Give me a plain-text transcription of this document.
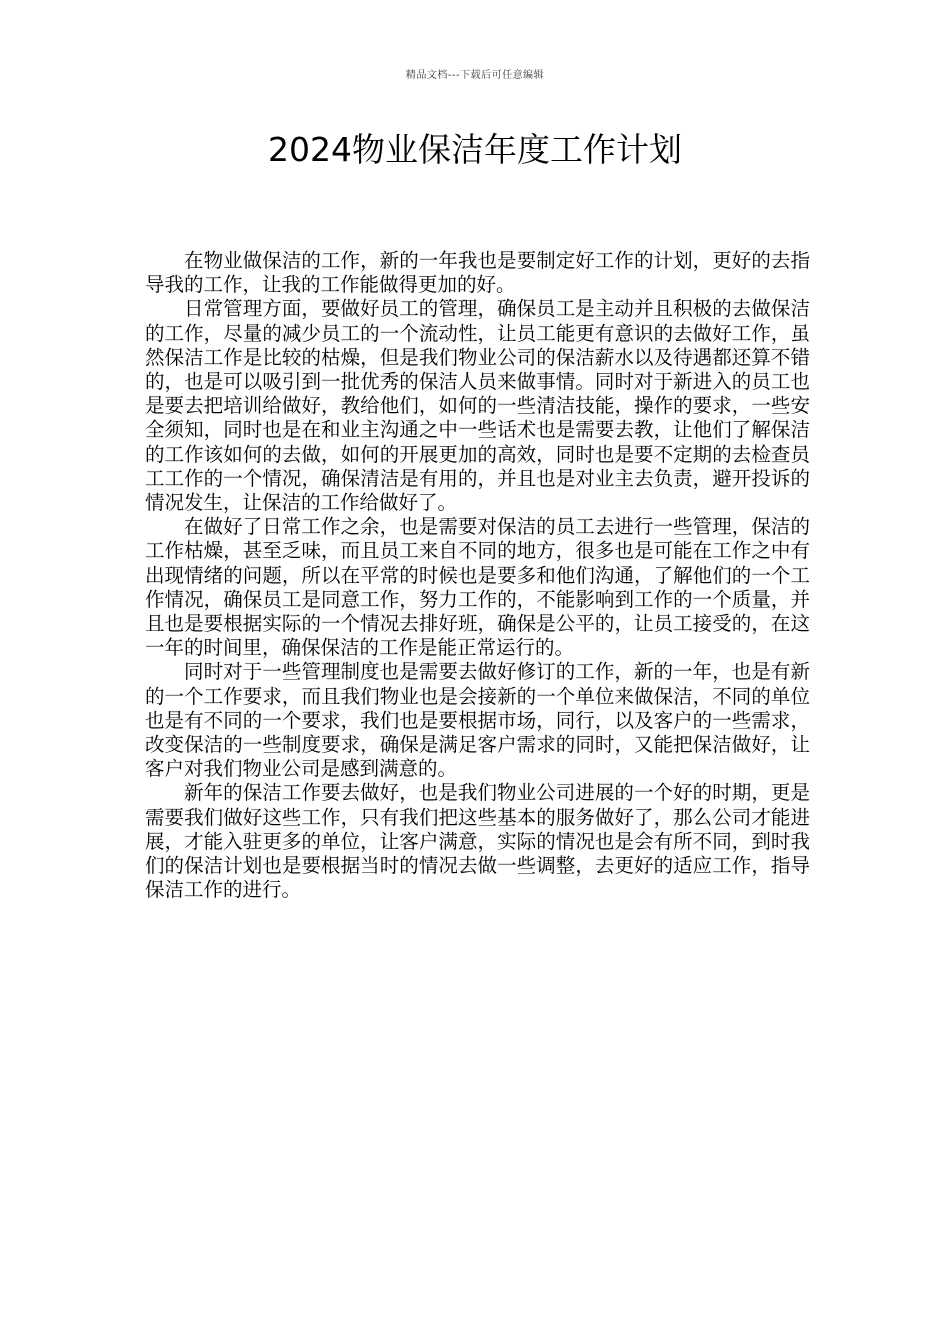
精品文档---下载后可任意编辑
2024物业保洁年度工作计划

在物业做保洁的工作，新的一年我也是要制定好工作的计划，更好的去指导我的工作，让我的工作能做得更加的好。

日常管理方面，要做好员工的管理，确保员工是主动并且积极的去做保洁的工作，尽量的减少员工的一个流动性，让员工能更有意识的去做好工作，虽然保洁工作是比较的枯燥，但是我们物业公司的保洁薪水以及待遇都还算不错的，也是可以吸引到一批优秀的保洁人员来做事情。同时对于新进入的员工也是要去把培训给做好，教给他们，如何的一些清洁技能，操作的要求，一些安全须知，同时也是在和业主沟通之中一些话术也是需要去教，让他们了解保洁的工作该如何的去做，如何的开展更加的高效，同时也是要不定期的去检查员工工作的一个情况，确保清洁是有用的，并且也是对业主去负责，避开投诉的情况发生，让保洁的工作给做好了。

在做好了日常工作之余，也是需要对保洁的员工去进行一些管理，保洁的工作枯燥，甚至乏味，而且员工来自不同的地方，很多也是可能在工作之中有出现情绪的问题，所以在平常的时候也是要多和他们沟通，了解他们的一个工作情况，确保员工是同意工作，努力工作的，不能影响到工作的一个质量，并且也是要根据实际的一个情况去排好班，确保是公平的，让员工接受的，在这一年的时间里，确保保洁的工作是能正常运行的。

同时对于一些管理制度也是需要去做好修订的工作，新的一年，也是有新的一个工作要求，而且我们物业也是会接新的一个单位来做保洁，不同的单位也是有不同的一个要求，我们也是要根据市场，同行，以及客户的一些需求，改变保洁的一些制度要求，确保是满足客户需求的同时，又能把保洁做好，让客户对我们物业公司是感到满意的。

新年的保洁工作要去做好，也是我们物业公司进展的一个好的时期，更是需要我们做好这些工作，只有我们把这些基本的服务做好了，那么公司才能进展，才能入驻更多的单位，让客户满意，实际的情况也是会有所不同，到时我们的保洁计划也是要根据当时的情况去做一些调整，去更好的适应工作，指导保洁工作的进行。
